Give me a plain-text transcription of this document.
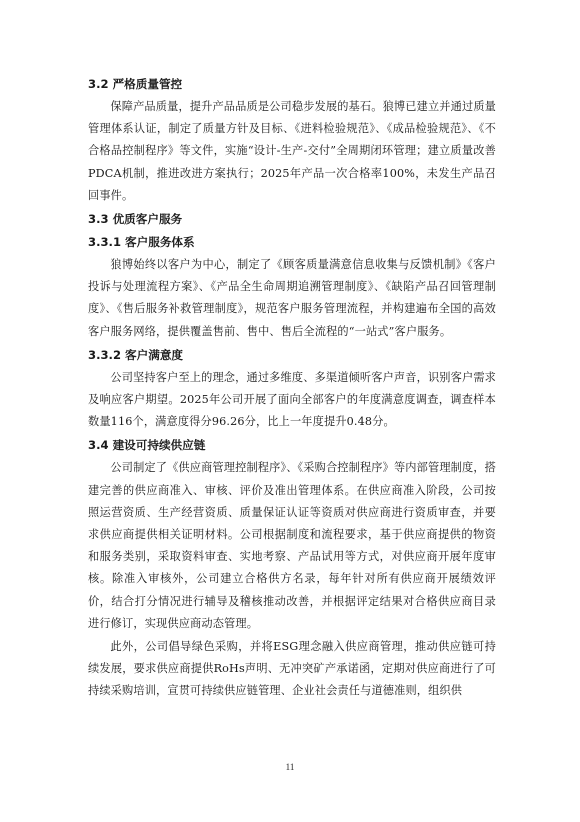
3.2 严格质量管控

保障产品质量，提升产品品质是公司稳步发展的基石。狼博已建立并通过质量管理体系认证，制定了质量方针及目标、《进料检验规范》、《成品检验规范》、《不合格品控制程序》等文件，实施“设计-生产-交付”全周期闭环管理；建立质量改善PDCA机制，推进改进方案执行；2025年产品一次合格率100%，未发生产品召回事件。

3.3 优质客户服务
3.3.1 客户服务体系

狼博始终以客户为中心，制定了《顾客质量满意信息收集与反馈机制》《客户投诉与处理流程方案》、《产品全生命周期追溯管理制度》、《缺陷产品召回管理制度》、《售后服务补救管理制度》，规范客户服务管理流程，并构建遍布全国的高效客户服务网络，提供覆盖售前、售中、售后全流程的“一站式”客户服务。

3.3.2 客户满意度

公司坚持客户至上的理念，通过多维度、多渠道倾听客户声音，识别客户需求及响应客户期望。2025年公司开展了面向全部客户的年度满意度调查，调查样本数量116个，满意度得分96.26分，比上一年度提升0.48分。

3.4 建设可持续供应链

公司制定了《供应商管理控制程序》、《采购合控制程序》等内部管理制度，搭建完善的供应商准入、审核、评价及准出管理体系。在供应商准入阶段，公司按照运营资质、生产经营资质、质量保证认证等资质对供应商进行资质审查，并要求供应商提供相关证明材料。公司根据制度和流程要求，基于供应商提供的物资和服务类别，采取资料审查、实地考察、产品试用等方式，对供应商开展年度审核。除准入审核外，公司建立合格供方名录，每年针对所有供应商开展绩效评价，结合打分情况进行辅导及稽核推动改善，并根据评定结果对合格供应商目录进行修订，实现供应商动态管理。

此外，公司倡导绿色采购，并将ESG理念融入供应商管理，推动供应链可持续发展，要求供应商提供RoHs声明、无冲突矿产承诺函，定期对供应商进行了可持续采购培训，宣贯可持续供应链管理、企业社会责任与道德准则，组织供

11
